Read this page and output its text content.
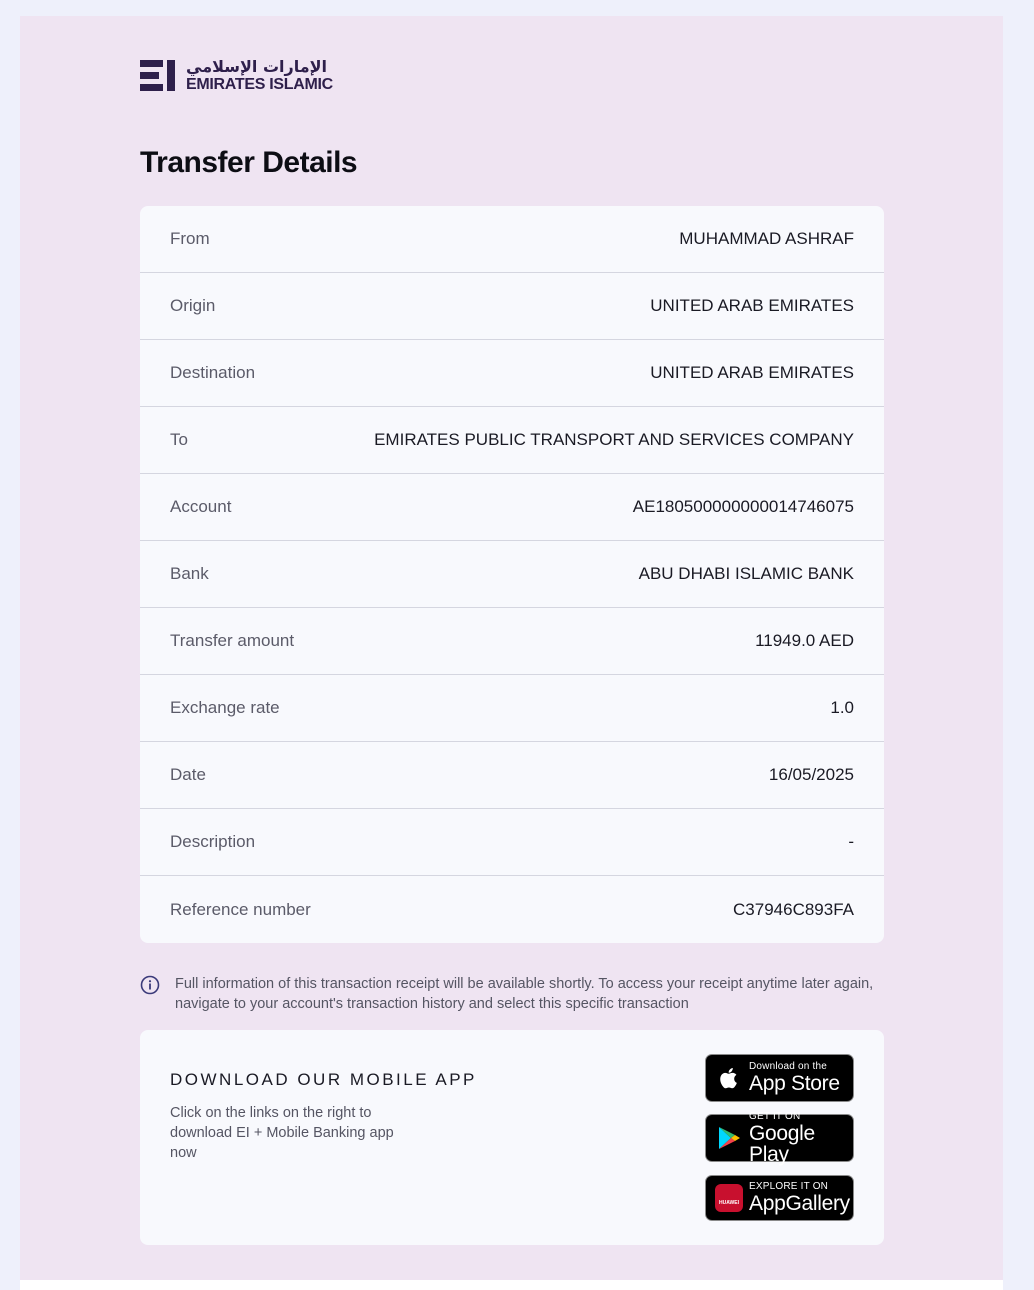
الإمارات الإسلامي
EMIRATES ISLAMIC
Transfer Details
From	MUHAMMAD ASHRAF
Origin	UNITED ARAB EMIRATES
Destination	UNITED ARAB EMIRATES
To	EMIRATES PUBLIC TRANSPORT AND SERVICES COMPANY
Account	AE180500000000014746075
Bank	ABU DHABI ISLAMIC BANK
Transfer amount	11949.0 AED
Exchange rate	1.0
Date	16/05/2025
Description	-
Reference number	C37946C893FA
Full information of this transaction receipt will be available shortly. To access your receipt anytime later again, navigate to your account's transaction history and select this specific transaction
DOWNLOAD OUR MOBILE APP
Click on the links on the right to download EI + Mobile Banking app now
Download on the
App Store
GET IT ON
Google Play
HUAWEI
EXPLORE IT ON
AppGallery
